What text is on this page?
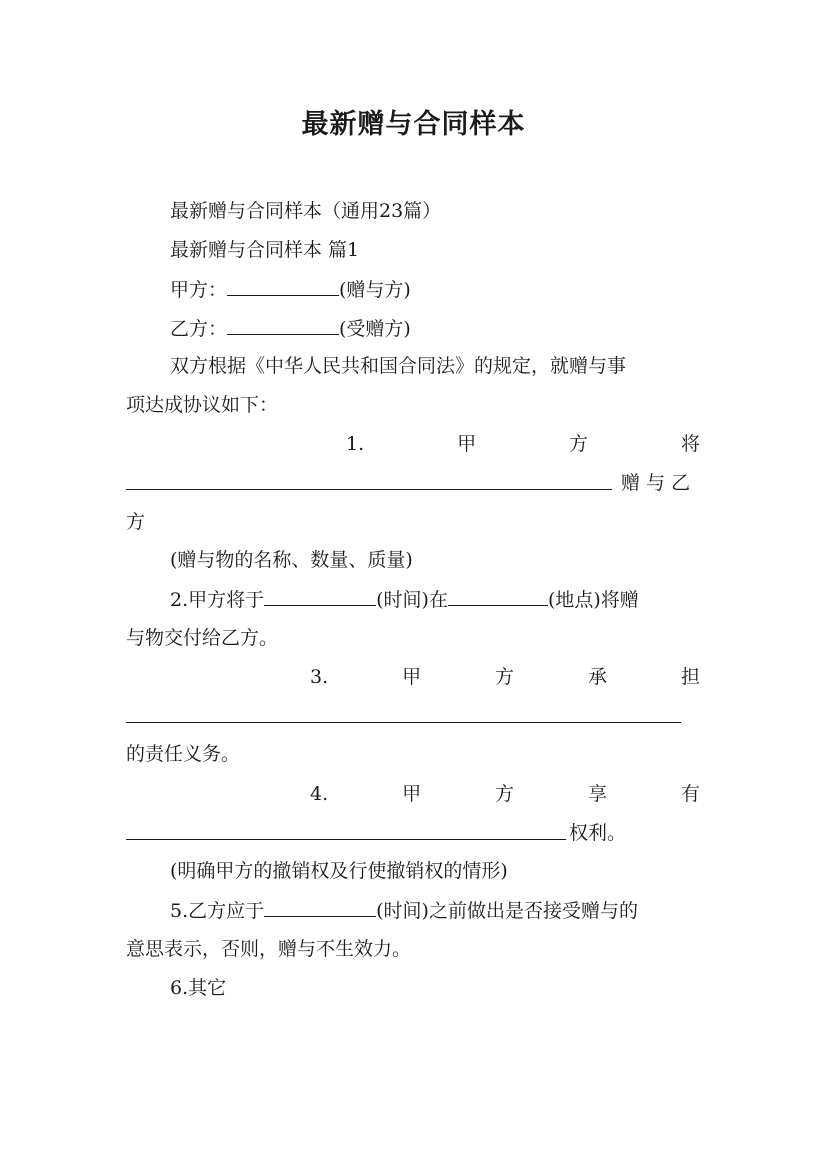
最新赠与合同样本
最新赠与合同样本（通用23篇）
最新赠与合同样本 篇1
甲方：	(赠与方)
乙方：	(受赠方)
双方根据《中华人民共和国合同法》的规定，就赠与事
项达成协议如下：
1.	甲	方	将
赠 与 乙
方
(赠与物的名称、数量、质量)
2.甲方将于	(时间)在	(地点)将赠
与物交付给乙方。
3.	甲	方	承	担
的责任义务。
4.	甲	方	享	有
权利。
(明确甲方的撤销权及行使撤销权的情形)
5.乙方应于	(时间)之前做出是否接受赠与的
意思表示，否则，赠与不生效力。
6.其它
